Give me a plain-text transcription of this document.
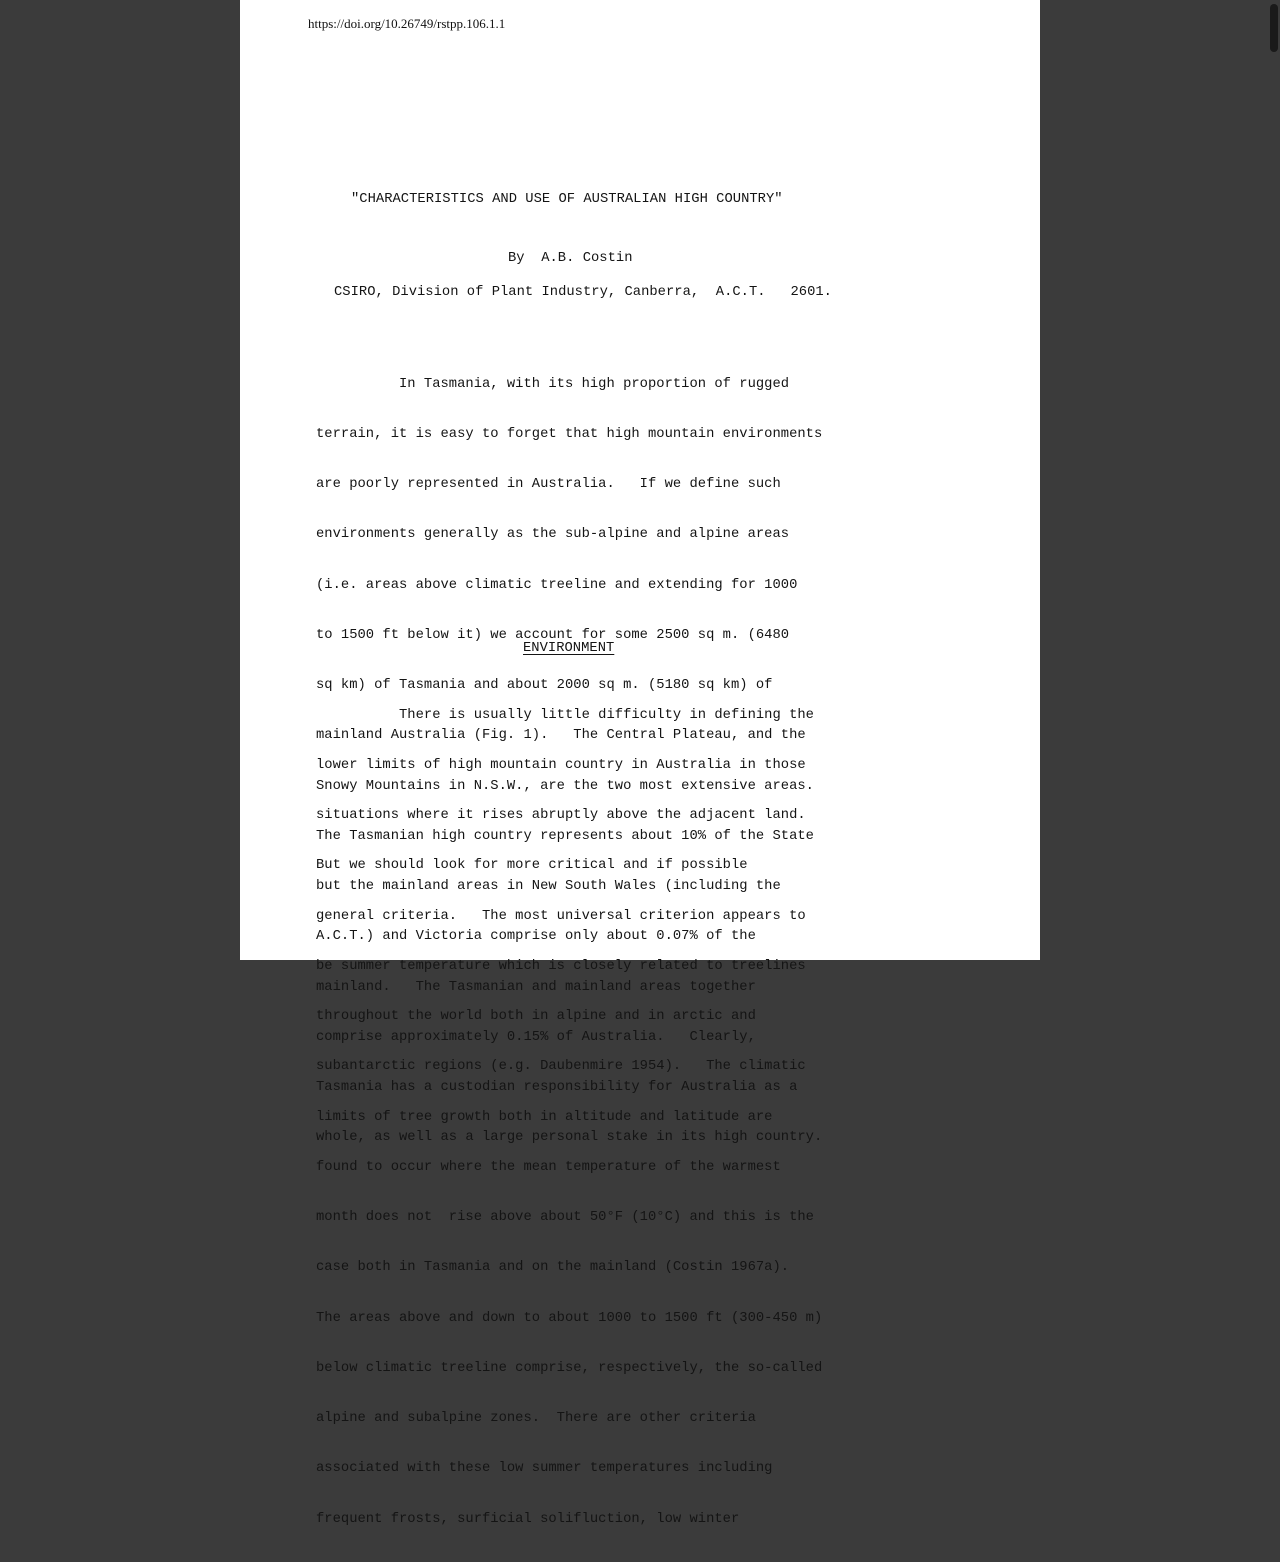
https://doi.org/10.26749/rstpp.106.1.1
"CHARACTERISTICS AND USE OF AUSTRALIAN HIGH COUNTRY"
By  A.B. Costin
CSIRO, Division of Plant Industry, Canberra,  A.C.T.   2601.

In Tasmania, with its high proportion of rugged

terrain, it is easy to forget that high mountain environments

are poorly represented in Australia.   If we define such

environments generally as the sub-alpine and alpine areas

(i.e. areas above climatic treeline and extending for 1000

to 1500 ft below it) we account for some 2500 sq m. (6480

sq km) of Tasmania and about 2000 sq m. (5180 sq km) of

mainland Australia (Fig. 1).   The Central Plateau, and the

Snowy Mountains in N.S.W., are the two most extensive areas.

The Tasmanian high country represents about 10% of the State

but the mainland areas in New South Wales (including the

A.C.T.) and Victoria comprise only about 0.07% of the

mainland.   The Tasmanian and mainland areas together

comprise approximately 0.15% of Australia.   Clearly,

Tasmania has a custodian responsibility for Australia as a

whole, as well as a large personal stake in its high country.

ENVIRONMENT

There is usually little difficulty in defining the

lower limits of high mountain country in Australia in those

situations where it rises abruptly above the adjacent land.

But we should look for more critical and if possible

general criteria.   The most universal criterion appears to

be summer temperature which is closely related to treelines

throughout the world both in alpine and in arctic and

subantarctic regions (e.g. Daubenmire 1954).   The climatic

limits of tree growth both in altitude and latitude are

found to occur where the mean temperature of the warmest

month does not  rise above about 50°F (10°C) and this is the

case both in Tasmania and on the mainland (Costin 1967a).

The areas above and down to about 1000 to 1500 ft (300-450 m)

below climatic treeline comprise, respectively, the so-called

alpine and subalpine zones.  There are other criteria

associated with these low summer temperatures including

frequent frosts, surficial solifluction, low winter
